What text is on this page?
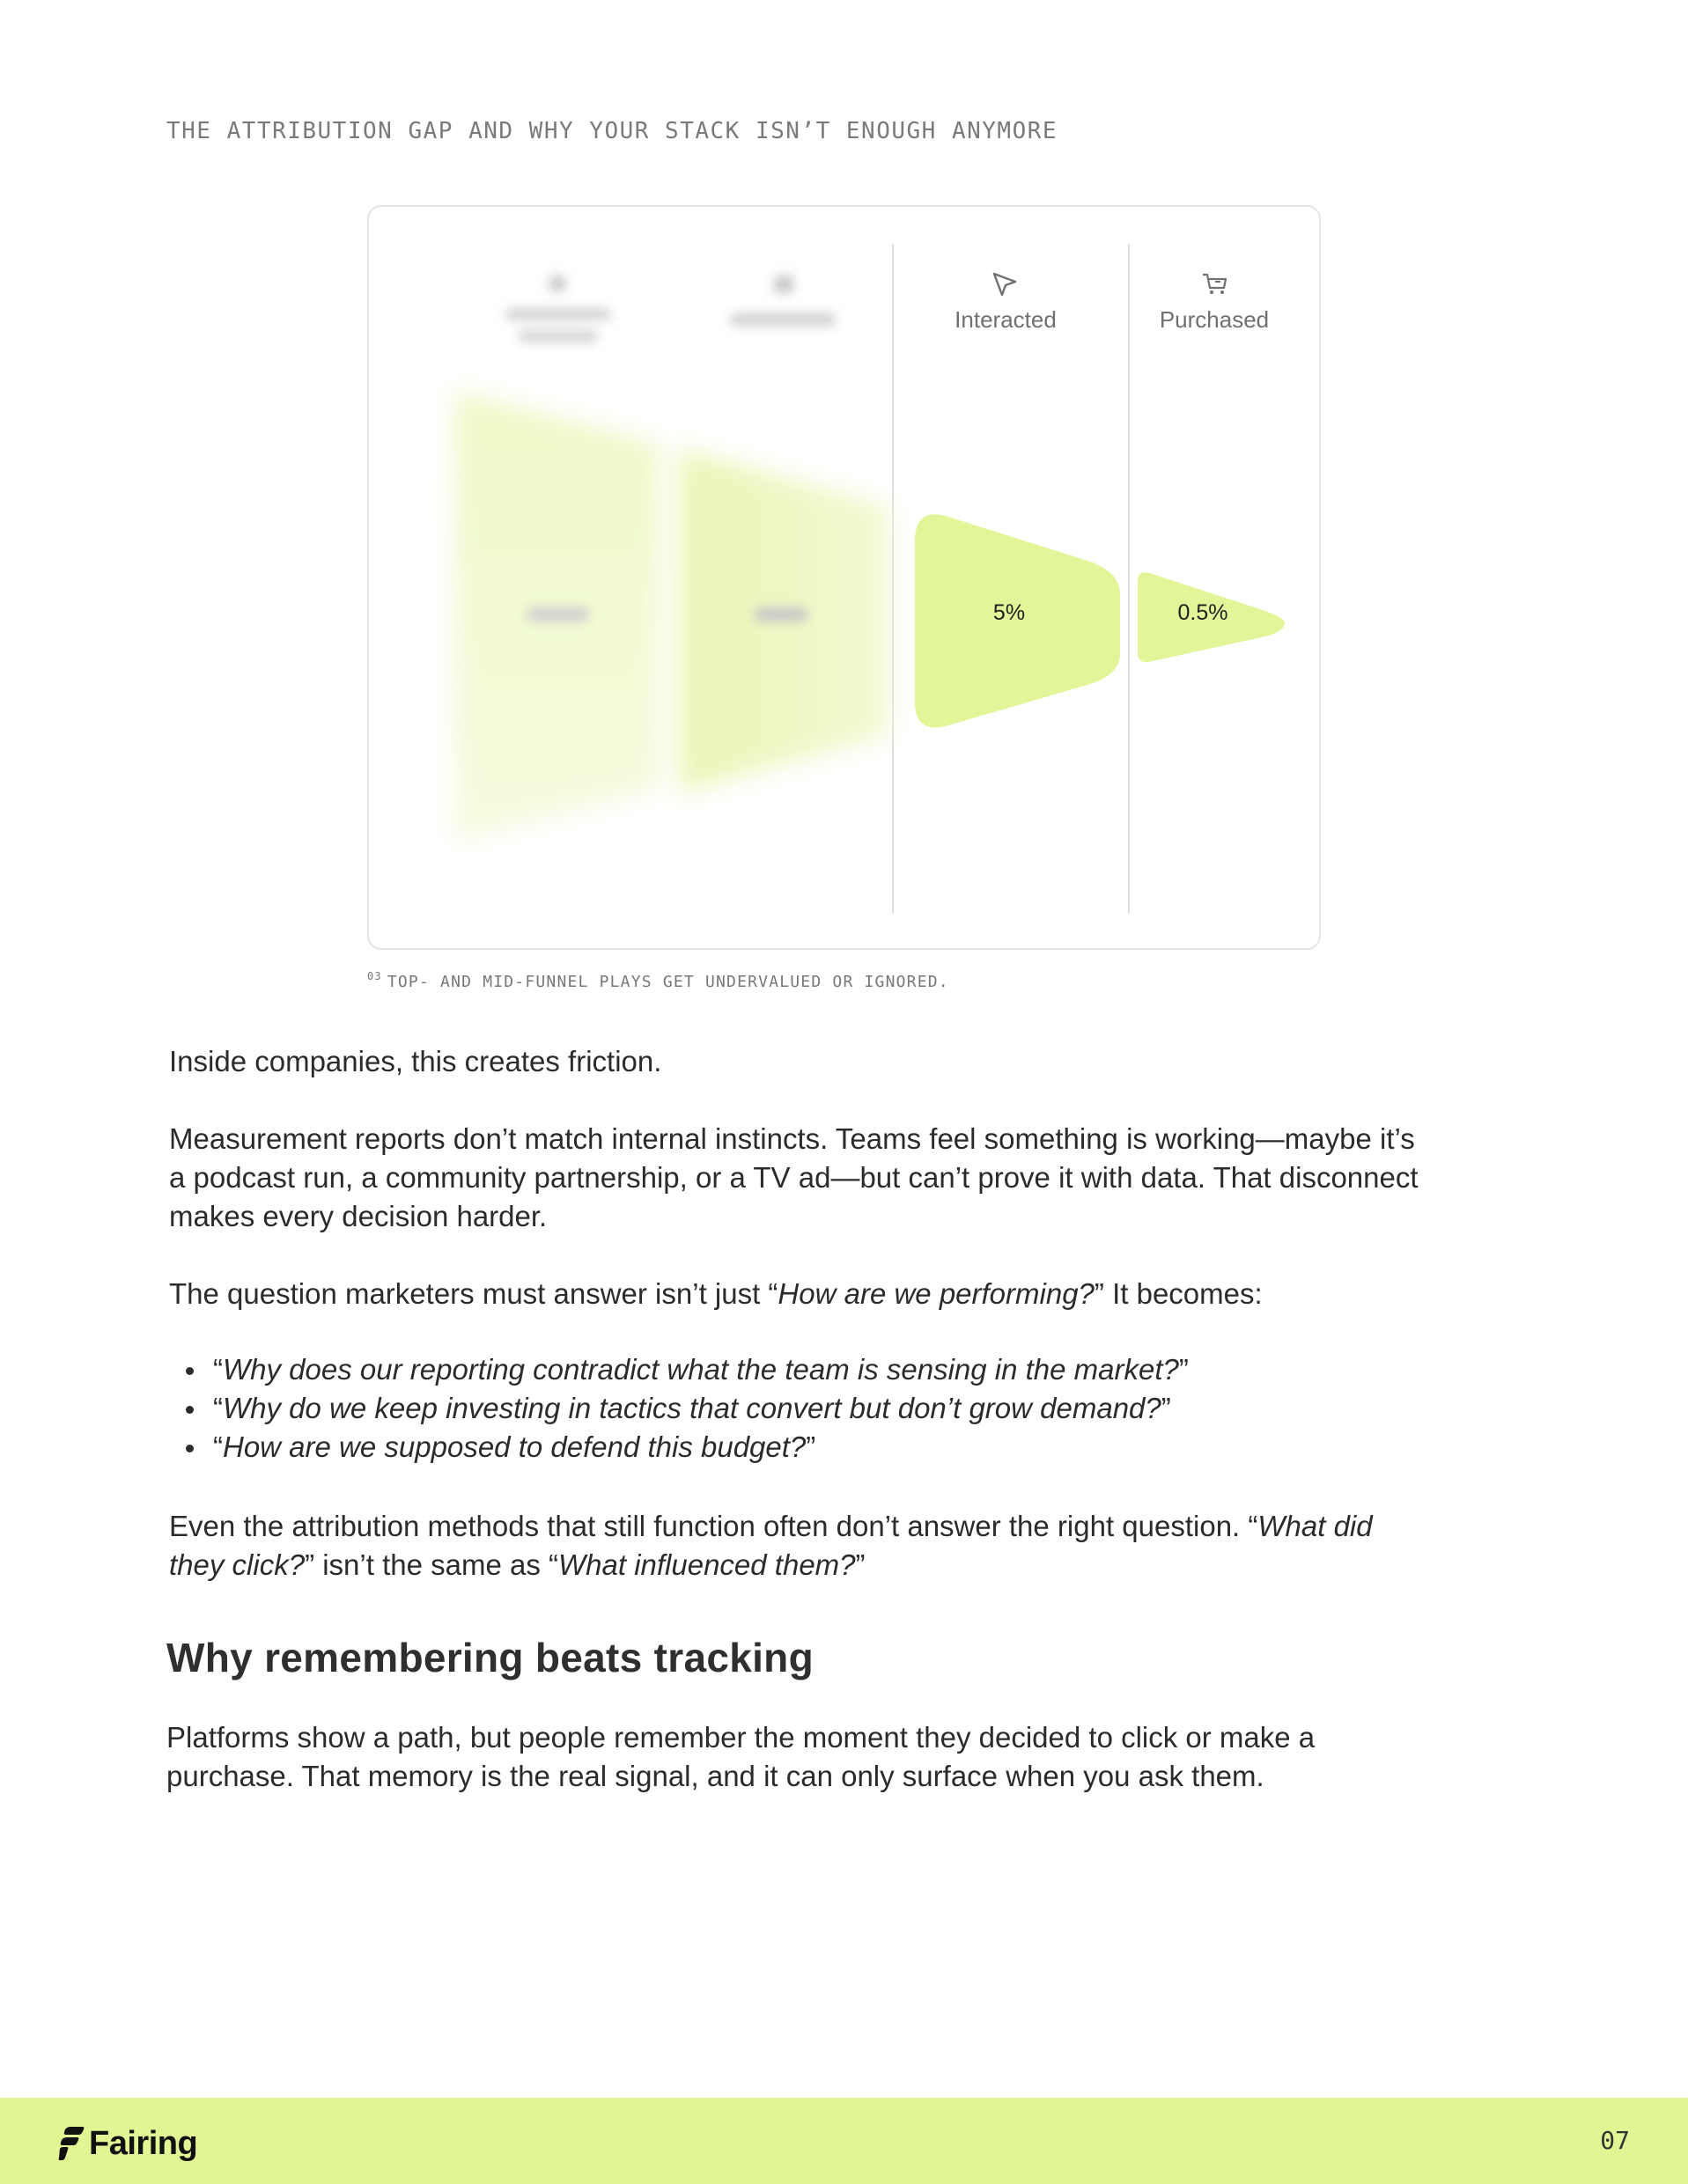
THE ATTRIBUTION GAP AND WHY YOUR STACK ISN’T ENOUGH ANYMORE
Interacted
5%
Purchased
0.5%
$^{03}$ TOP- AND MID-FUNNEL PLAYS GET UNDERVALUED OR IGNORED.

Inside companies, this creates friction.

Measurement reports don’t match internal instincts. Teams feel something is working—maybe it’s
a podcast run, a community partnership, or a TV ad—but can’t prove it with data. That disconnect
makes every decision harder.

The question marketers must answer isn’t just “How are we performing?” It becomes:

“Why does our reporting contradict what the team is sensing in the market?”
“Why do we keep investing in tactics that convert but don’t grow demand?”
“How are we supposed to defend this budget?”
Even the attribution methods that still function often don’t answer the right question. “What did
they click?” isn’t the same as “What influenced them?”
Why remembering beats tracking
Platforms show a path, but people remember the moment they decided to click or make a
purchase. That memory is the real signal, and it can only surface when you ask them.
Fairing	07
